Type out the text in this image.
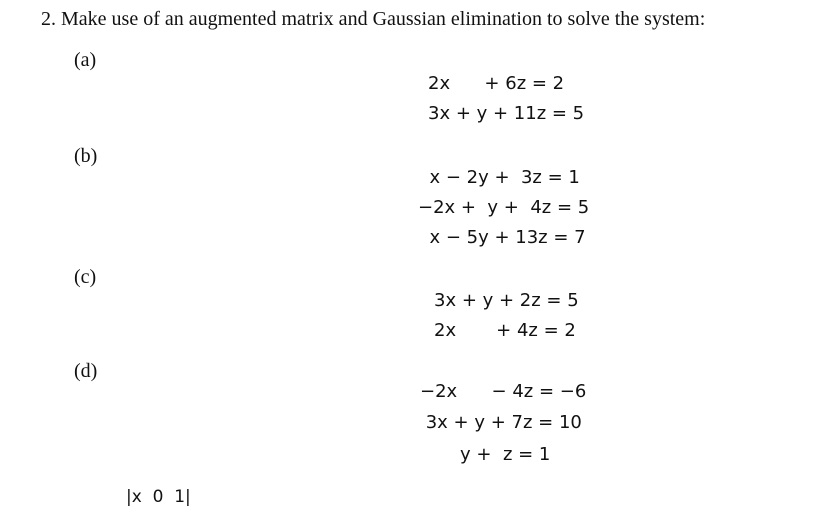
2. Make use of an augmented matrix and Gaussian elimination to solve the system:
(a)
2x      + 6z = 2
3x + y + 11z = 5
(b)
x − 2y +  3z = 1
−2x +  y +  4z = 5
x − 5y + 13z = 7
(c)
3x + y + 2z = 5
2x       + 4z = 2
(d)
−2x      − 4z = −6
3x + y + 7z = 10
y +  z = 1
|x  0  1|
